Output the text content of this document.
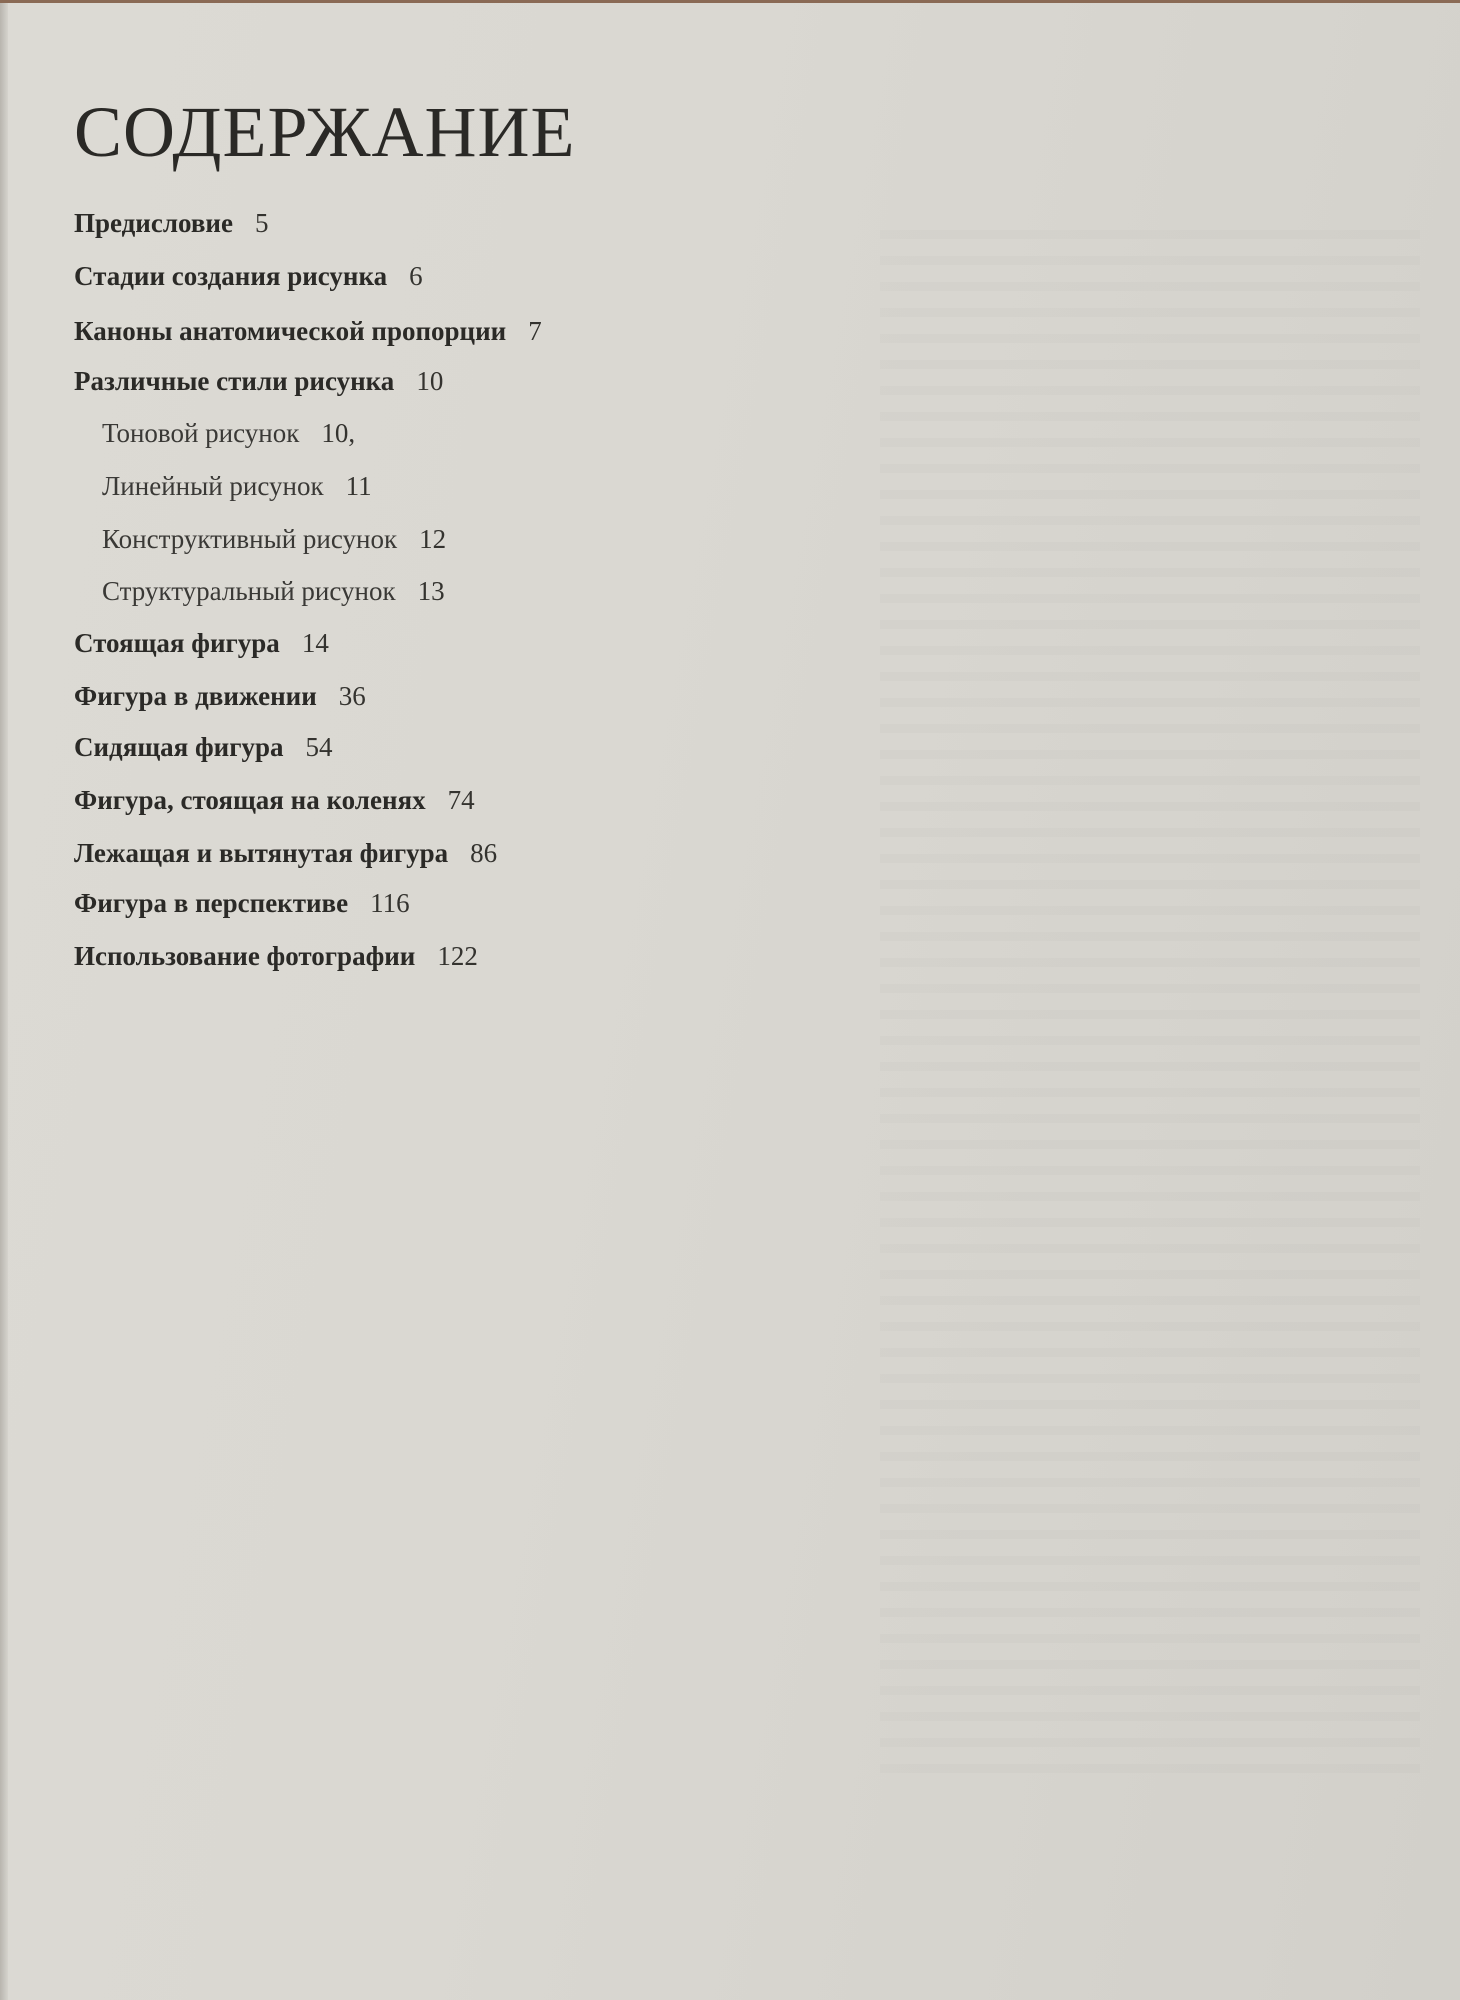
СОДЕРЖАНИЕ
Предисловие 5
Стадии создания рисунка 6
Каноны анатомической пропорции 7
Различные стили рисунка 10
Тоновой рисунок 10,
Линейный рисунок 11
Конструктивный рисунок 12
Структуральный рисунок 13
Стоящая фигура 14
Фигура в движении 36
Сидящая фигура 54
Фигура, стоящая на коленях 74
Лежащая и вытянутая фигура 86
Фигура в перспективе 116
Использование фотографии 122
